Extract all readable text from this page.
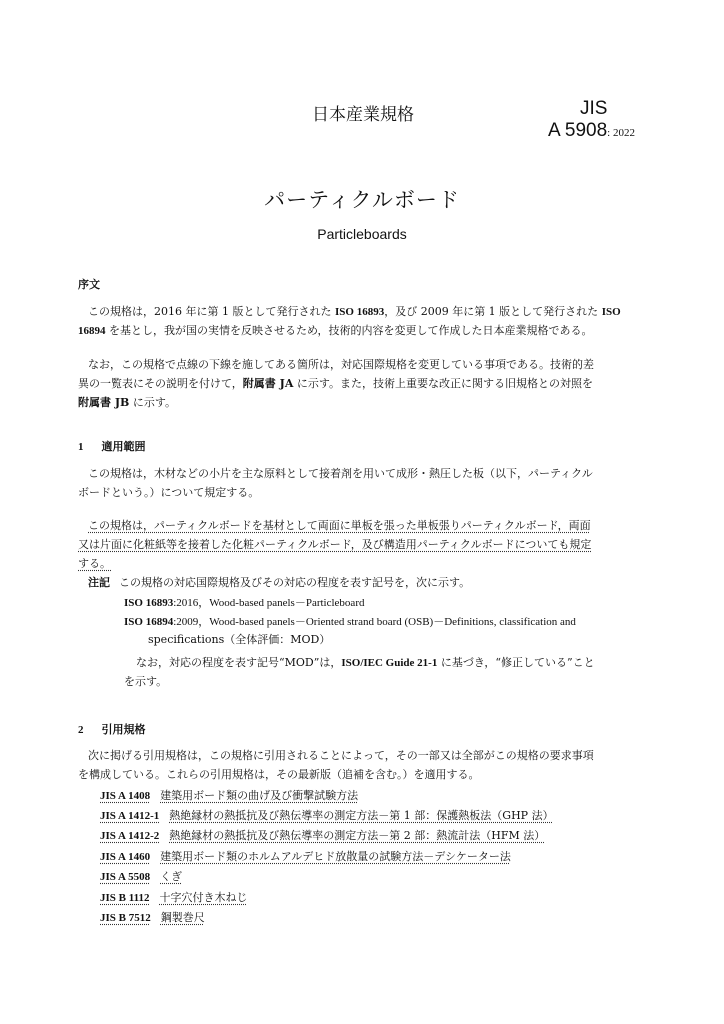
日本産業規格	JIS
A 5908: 2022
パーティクルボード
Particleboards
序文
この規格は，2016 年に第 1 版として発行された ISO 16893，及び 2009 年に第 1 版として発行された ISO
16894 を基とし，我が国の実情を反映させるため，技術的内容を変更して作成した日本産業規格である。
なお，この規格で点線の下線を施してある箇所は，対応国際規格を変更している事項である。技術的差
異の一覧表にその説明を付けて，附属書 JA に示す。また，技術上重要な改正に関する旧規格との対照を
附属書 JB に示す。
1 適用範囲
この規格は，木材などの小片を主な原料として接着剤を用いて成形・熱圧した板（以下，パーティクル
ボードという。）について規定する。
この規格は，パーティクルボードを基材として両面に単板を張った単板張りパーティクルボード，両面
又は片面に化粧紙等を接着した化粧パーティクルボード，及び構造用パーティクルボードについても規定
する。
注記 この規格の対応国際規格及びその対応の程度を表す記号を，次に示す。
ISO 16893:2016，Wood-based panels－Particleboard
ISO 16894:2009，Wood-based panels－Oriented strand board (OSB)－Definitions, classification and
specifications（全体評価：MOD）
なお，対応の程度を表す記号“MOD”は，ISO/IEC Guide 21-1 に基づき，“修正している”こと
を示す。
2 引用規格
次に掲げる引用規格は，この規格に引用されることによって，その一部又は全部がこの規格の要求事項
を構成している。これらの引用規格は，その最新版（追補を含む。）を適用する。
JIS A 1408 建築用ボード類の曲げ及び衝撃試験方法
JIS A 1412-1 熱絶縁材の熱抵抗及び熱伝導率の測定方法－第 1 部：保護熱板法（GHP 法）
JIS A 1412-2 熱絶縁材の熱抵抗及び熱伝導率の測定方法－第 2 部：熱流計法（HFM 法）
JIS A 1460 建築用ボード類のホルムアルデヒド放散量の試験方法－デシケーター法
JIS A 5508 くぎ
JIS B 1112 十字穴付き木ねじ
JIS B 7512 鋼製巻尺
